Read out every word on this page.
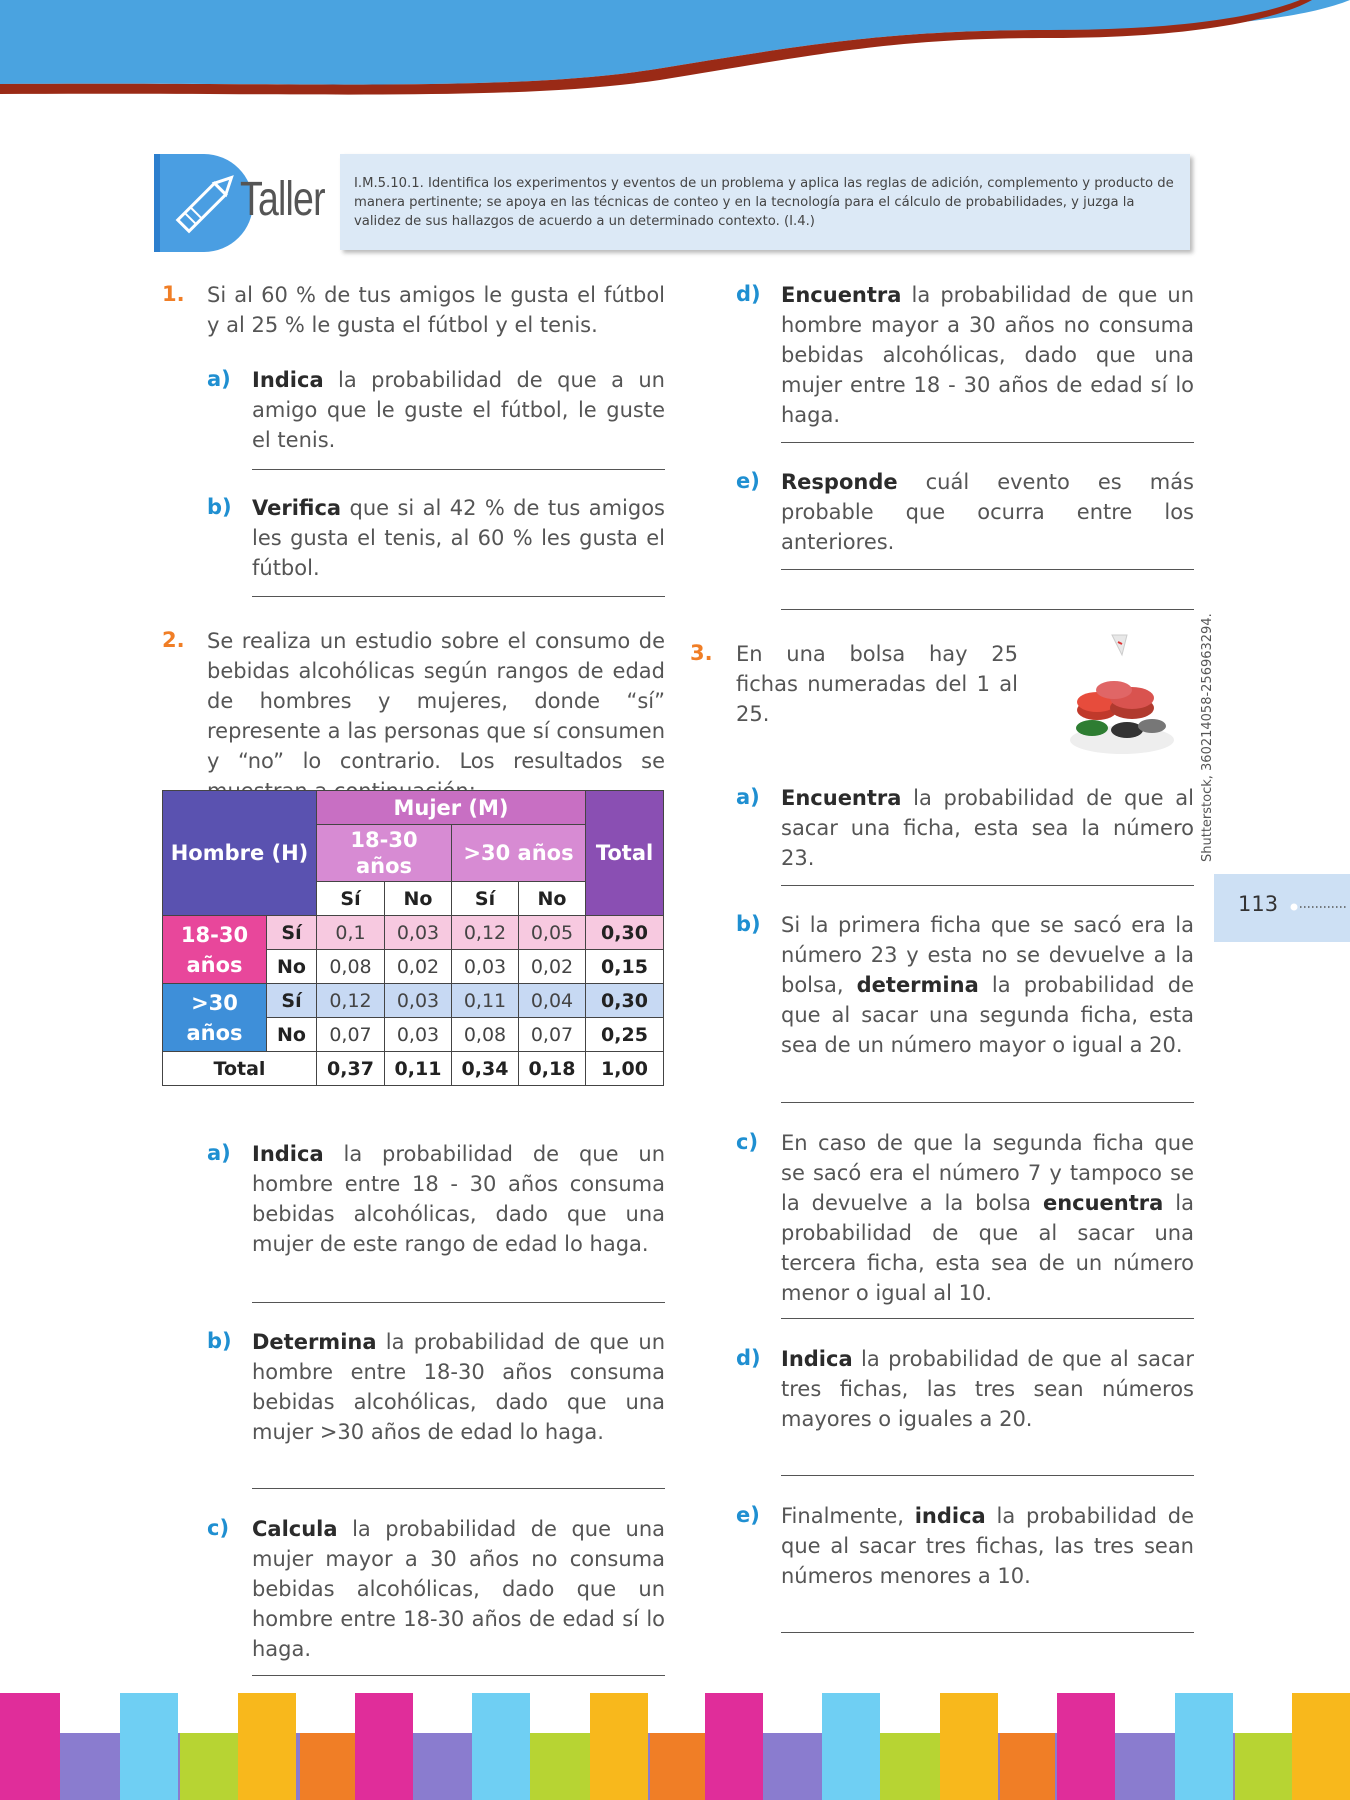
Taller	I.M.5.10.1. Identifica los experimentos y eventos de un problema y aplica las reglas de adición, complemento y producto de manera pertinente; se apoya en las técnicas de conteo y en la tecnología para el cálculo de probabilidades, y juzga la validez de sus hallazgos de acuerdo a un determinado contexto. (I.4.)
1. Si al 60 % de tus amigos le gusta el fútbol y al 25 % le gusta el fútbol y el tenis.
a) Indica la probabilidad de que a un amigo que le guste el fútbol, le guste el tenis.
b) Verifica que si al 42 % de tus amigos les gusta el tenis, al 60 % les gusta el fútbol.
2. Se realiza un estudio sobre el consumo de bebidas alcohólicas según rangos de edad de hombres y mujeres, donde “sí” represente a las personas que sí consumen y “no” lo contrario. Los resultados se
Hombre (H)		Mujer (M)				Total
		18-30 años		>30 años		
		Sí	No	Sí	No	
18-30 años	Sí	0,1	0,03	0,12	0,05	0,30
	No	0,08	0,02	0,03	0,02	0,15
>30 años	Sí	0,12	0,03	0,11	0,04	0,30
	No	0,07	0,03	0,08	0,07	0,25
Total		0,37	0,11	0,34	0,18	1,00
a) Indica la probabilidad de que un hombre entre 18 - 30 años consuma bebidas alcohólicas, dado que una mujer de este rango de edad lo haga.
b) Determina la probabilidad de que un hombre entre 18-30 años consuma bebidas alcohólicas, dado que una mujer >30 años de edad lo haga.
c) Calcula la probabilidad de que una mujer mayor a 30 años no consuma bebidas alcohólicas, dado que un hombre entre 18-30 años de edad sí lo haga.
d) Encuentra la probabilidad de que un hombre mayor a 30 años no consuma bebidas alcohólicas, dado que una mujer entre 18 - 30 años de edad sí lo haga.
e) Responde cuál evento es más probable que ocurra entre los anteriores.
3. En una bolsa hay 25 fichas numeradas del 1 al 25.
a) Encuentra la probabilidad de que al sacar una ficha, esta sea la número 23.
b) Si la primera ficha que se sacó era la número 23 y esta no se devuelve a la bolsa, determina la probabilidad de que al sacar una segunda ficha, esta sea de un número mayor o igual a 20.
c) En caso de que la segunda ficha que se sacó era el número 7 y tampoco se la devuelve a la bolsa encuentra la probabilidad de que al sacar una tercera ficha, esta sea de un número menor o igual al 10.
d) Indica la probabilidad de que al sacar tres fichas, las tres sean números mayores o iguales a 20.
e) Finalmente, indica la probabilidad de que al sacar tres fichas, las tres sean números menores a 10.
Shutterstock, 360214058-256963294.
113
